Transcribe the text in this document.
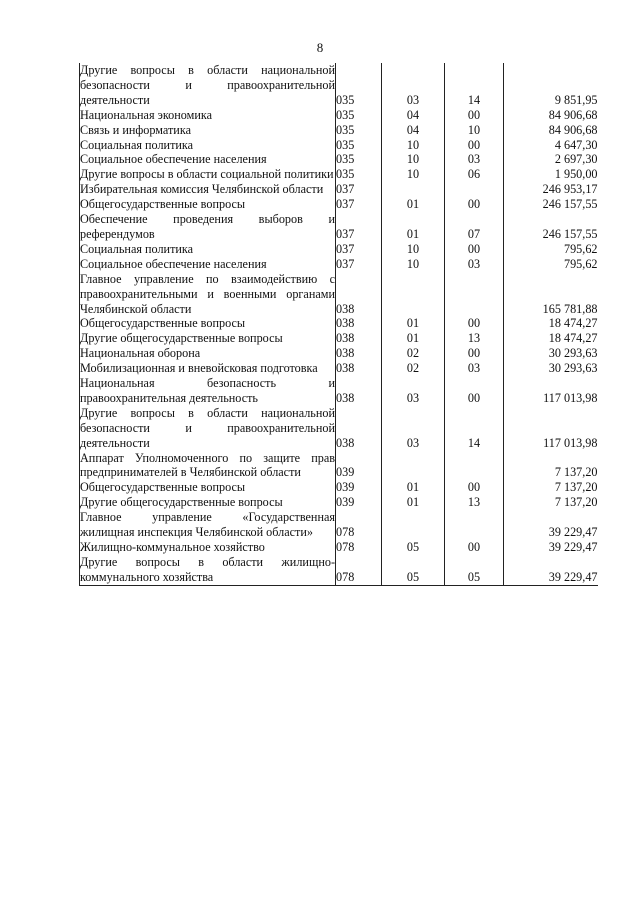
8
Другие вопросы в области национальной безопасности и правоохранительной деятельности	035	03	14	9 851,95
Национальная экономика	035	04	00	84 906,68
Связь и информатика	035	04	10	84 906,68
Социальная политика	035	10	00	4 647,30
Социальное обеспечение населения	035	10	03	2 697,30
Другие вопросы в области социальной политики	035	10	06	1 950,00
Избирательная комиссия Челябинской области	037			246 953,17
Общегосударственные вопросы	037	01	00	246 157,55
Обеспечение проведения выборов и референдумов	037	01	07	246 157,55
Социальная политика	037	10	00	795,62
Социальное обеспечение населения	037	10	03	795,62
Главное управление по взаимодействию с правоохранительными и военными органами Челябинской области	038			165 781,88
Общегосударственные вопросы	038	01	00	18 474,27
Другие общегосударственные вопросы	038	01	13	18 474,27
Национальная оборона	038	02	00	30 293,63
Мобилизационная и вневойсковая подготовка	038	02	03	30 293,63
Национальная безопасность и правоохранительная деятельность	038	03	00	117 013,98
Другие вопросы в области национальной безопасности и правоохранительной деятельности	038	03	14	117 013,98
Аппарат Уполномоченного по защите прав предпринимателей в Челябинской области	039			7 137,20
Общегосударственные вопросы	039	01	00	7 137,20
Другие общегосударственные вопросы	039	01	13	7 137,20
Главное управление «Государственная жилищная инспекция Челябинской области»	078			39 229,47
Жилищно-коммунальное хозяйство	078	05	00	39 229,47
Другие вопросы в области жилищно-коммунального хозяйства	078	05	05	39 229,47
